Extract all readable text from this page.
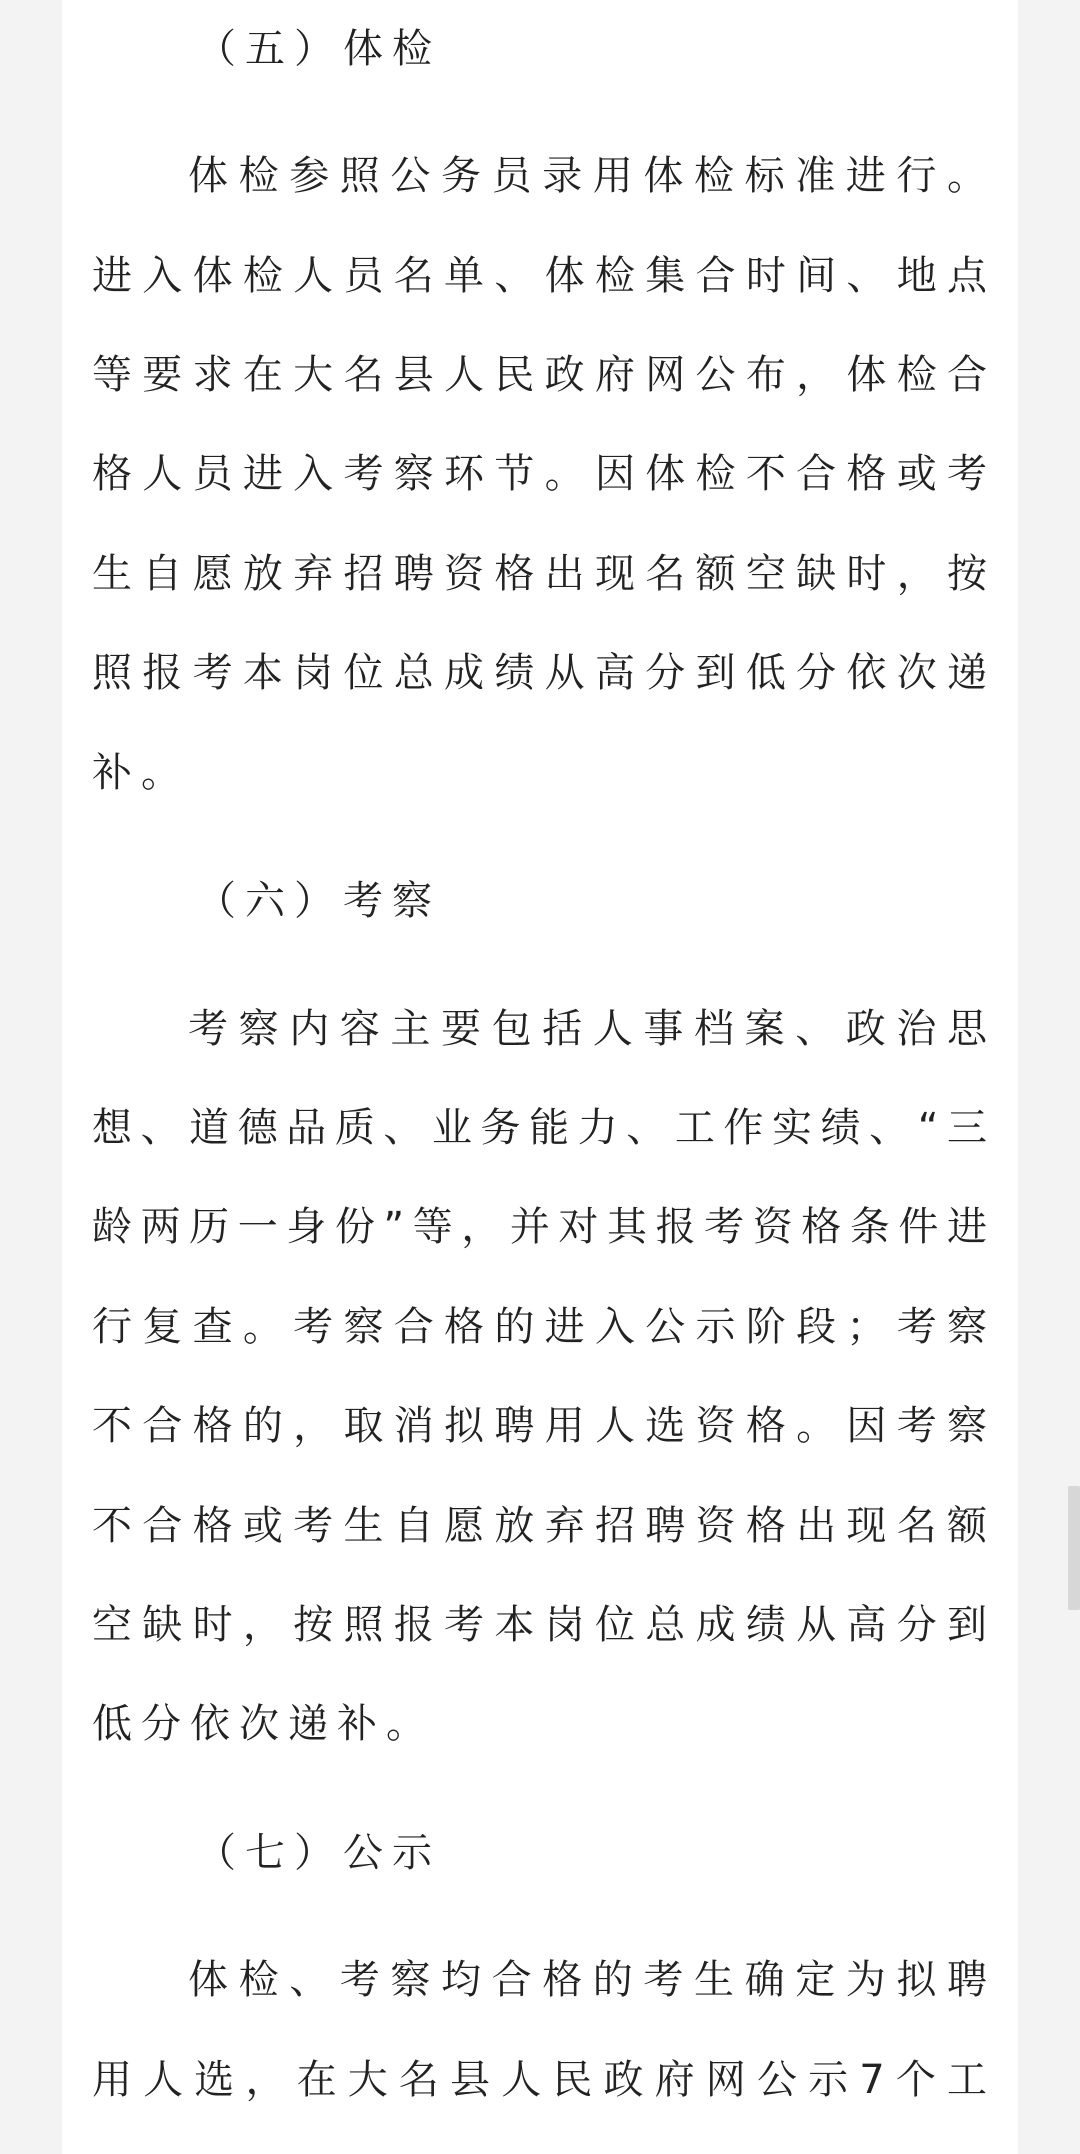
（五）体检
体检参照公务员录用体检标准进行。
进入体检人员名单、体检集合时间、地点
等要求在大名县人民政府网公布，体检合
格人员进入考察环节。因体检不合格或考
生自愿放弃招聘资格出现名额空缺时，按
照报考本岗位总成绩从高分到低分依次递
补。
（六）考察
考察内容主要包括人事档案、政治思
想、道德品质、业务能力、工作实绩、“三
龄两历一身份”等，并对其报考资格条件进
行复查。考察合格的进入公示阶段；考察
不合格的，取消拟聘用人选资格。因考察
不合格或考生自愿放弃招聘资格出现名额
空缺时，按照报考本岗位总成绩从高分到
低分依次递补。
（七）公示
体检、考察均合格的考生确定为拟聘
用人选，在大名县人民政府网公示7个工
